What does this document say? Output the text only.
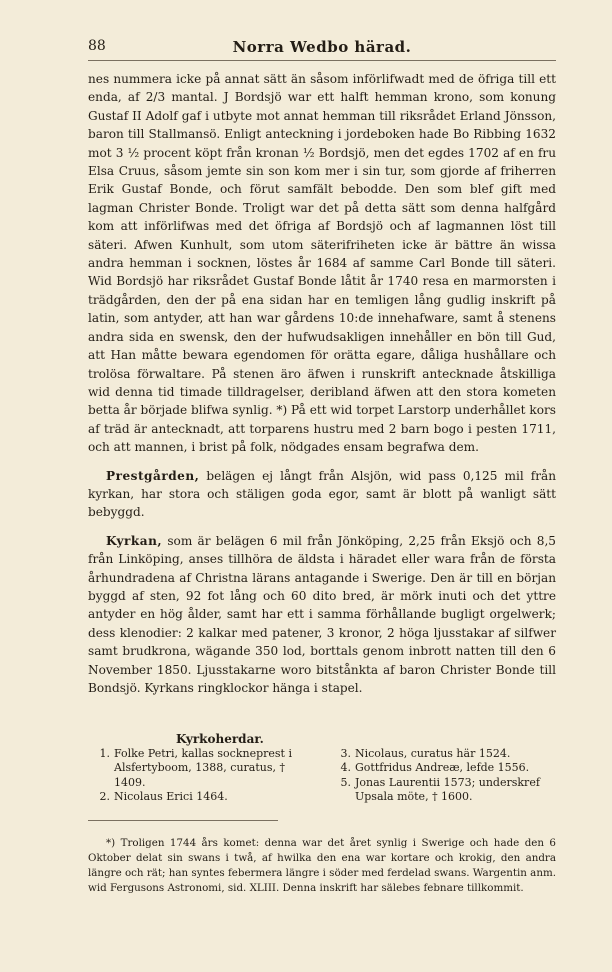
88	Norra Wedbo härad.

nes nummera icke på annat sätt än såsom införlifwadt med de öfriga till ett enda, af 2/3 mantal. J Bordsjö war ett halft hemman krono, som konung Gustaf II Adolf gaf i utbyte mot annat hemman till riksrådet Erland Jönsson, baron till Stallmansö. Enligt anteckning i jordeboken hade Bo Ribbing 1632 mot 3 ½ procent köpt från kronan ½ Bordsjö, men det egdes 1702 af en fru Elsa Cruus, såsom jemte sin son kom mer i sin tur, som gjorde af friherren Erik Gustaf Bonde, och förut samfält bebodde. Den som blef gift med lagman Christer Bonde. Troligt war det på detta sätt som denna halfgård kom att införlifwas med det öfriga af Bordsjö och af lagmannen löst till säteri. Afwen Kunhult, som utom säterifriheten icke är bättre än wissa andra hemman i socknen, löstes år 1684 af samme Carl Bonde till säteri. Wid Bordsjö har riksrådet Gustaf Bonde låtit år 1740 resa en marmorsten i trädgården, den der på ena sidan har en temligen lång gudlig inskrift på latin, som antyder, att han war gårdens 10:de innehafware, samt å stenens andra sida en swensk, den der hufwudsakligen innehåller en bön till Gud, att Han måtte bewara egendomen för orätta egare, dåliga hushållare och trolösa förwaltare. På stenen äro äfwen i runskrift antecknade åtskilliga wid denna tid timade tilldragelser, deribland äfwen att den stora kometen betta år började blifwa synlig. *) På ett wid torpet Larstorp underhållet kors af träd är antecknadt, att torparens hustru med 2 barn bogo i pesten 1711, och att mannen, i brist på folk, nödgades ensam begrafwa dem.

Prestgården, belägen ej långt från Alsjön, wid pass 0,125 mil från kyrkan, har stora och stäligen goda egor, samt är blott på wanligt sätt bebyggd.

Kyrkan, som är belägen 6 mil från Jönköping, 2,25 från Eksjö och 8,5 från Linköping, anses tillhöra de äldsta i häradet eller wara från de första århundradena af Christna lärans antagande i Swerige. Den är till en början byggd af sten, 92 fot lång och 60 dito bred, är mörk inuti och det yttre antyder en hög ålder, samt har ett i samma förhållande bugligt orgelwerk; dess klenodier: 2 kalkar med patener, 3 kronor, 2 höga ljusstakar af silfwer samt brudkrona, wägande 350 lod, borttals genom inbrott natten till den 6 November 1850. Ljusstakarne woro bitstånkta af baron Christer Bonde till Bondsjö. Kyrkans ringklockor hänga i stapel.

Kyrkoherdar.
1. Folke Petri, kallas sockneprest i Alsfertyboom, 1388, curatus, † 1409.
2. Nicolaus Erici 1464.
3. Nicolaus, curatus här 1524.
4. Gottfridus Andreæ, lefde 1556.
5. Jonas Laurentii 1573; underskref Upsala möte, † 1600.

*) Troligen 1744 års komet: denna war det året synlig i Swerige och hade den 6 Oktober delat sin swans i twå, af hwilka den ena war kortare och krokig, den andra längre och rät; han syntes febermera längre i söder med ferdelad swans. Wargentin anm. wid Fergusons Astronomi, sid. XLIII. Denna inskrift har sälebes febnare tillkommit.
